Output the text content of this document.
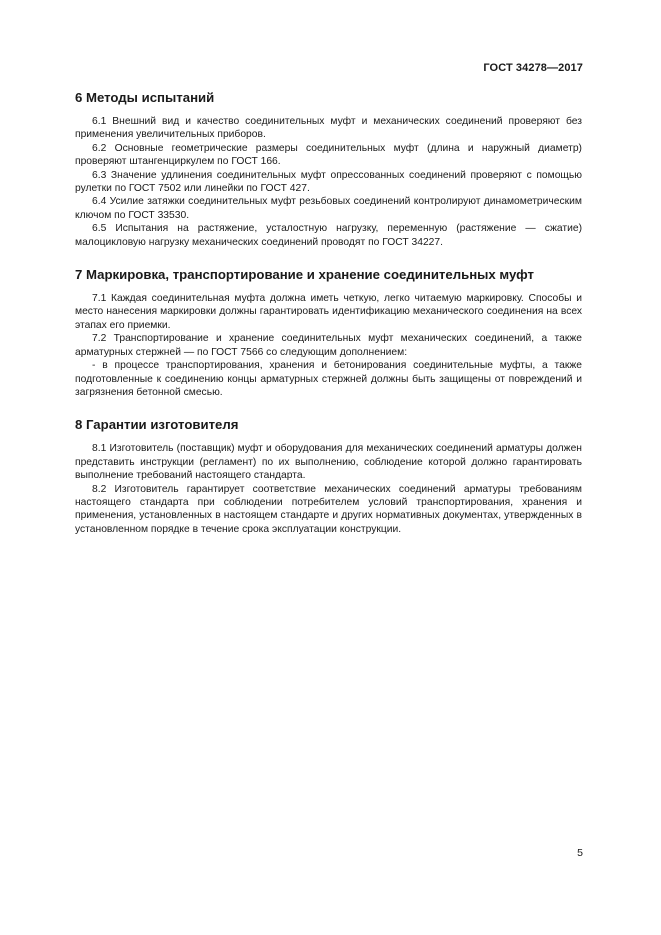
ГОСТ 34278—2017
6 Методы испытаний

6.1 Внешний вид и качество соединительных муфт и механических соединений проверяют без применения увеличительных приборов.

6.2 Основные геометрические размеры соединительных муфт (длина и наружный диаметр) проверяют штангенциркулем по ГОСТ 166.

6.3 Значение удлинения соединительных муфт опрессованных соединений проверяют с помощью рулетки по ГОСТ 7502 или линейки по ГОСТ 427.

6.4 Усилие затяжки соединительных муфт резьбовых соединений контролируют динамометрическим ключом по ГОСТ 33530.

6.5 Испытания на растяжение, усталостную нагрузку, переменную (растяжение — сжатие) малоцикловую нагрузку механических соединений проводят по ГОСТ 34227.

7 Маркировка, транспортирование и хранение соединительных муфт

7.1 Каждая соединительная муфта должна иметь четкую, легко читаемую маркировку. Способы и место нанесения маркировки должны гарантировать идентификацию механического соединения на всех этапах его приемки.

7.2 Транспортирование и хранение соединительных муфт механических соединений, а также арматурных стержней — по ГОСТ 7566 со следующим дополнением:

- в процессе транспортирования, хранения и бетонирования соединительные муфты, а также подготовленные к соединению концы арматурных стержней должны быть защищены от повреждений и загрязнения бетонной смесью.

8 Гарантии изготовителя

8.1 Изготовитель (поставщик) муфт и оборудования для механических соединений арматуры должен представить инструкции (регламент) по их выполнению, соблюдение которой должно гарантировать выполнение требований настоящего стандарта.

8.2 Изготовитель гарантирует соответствие механических соединений арматуры требованиям настоящего стандарта при соблюдении потребителем условий транспортирования, хранения и применения, установленных в настоящем стандарте и других нормативных документах, утвержденных в установленном порядке в течение срока эксплуатации конструкции.

5
